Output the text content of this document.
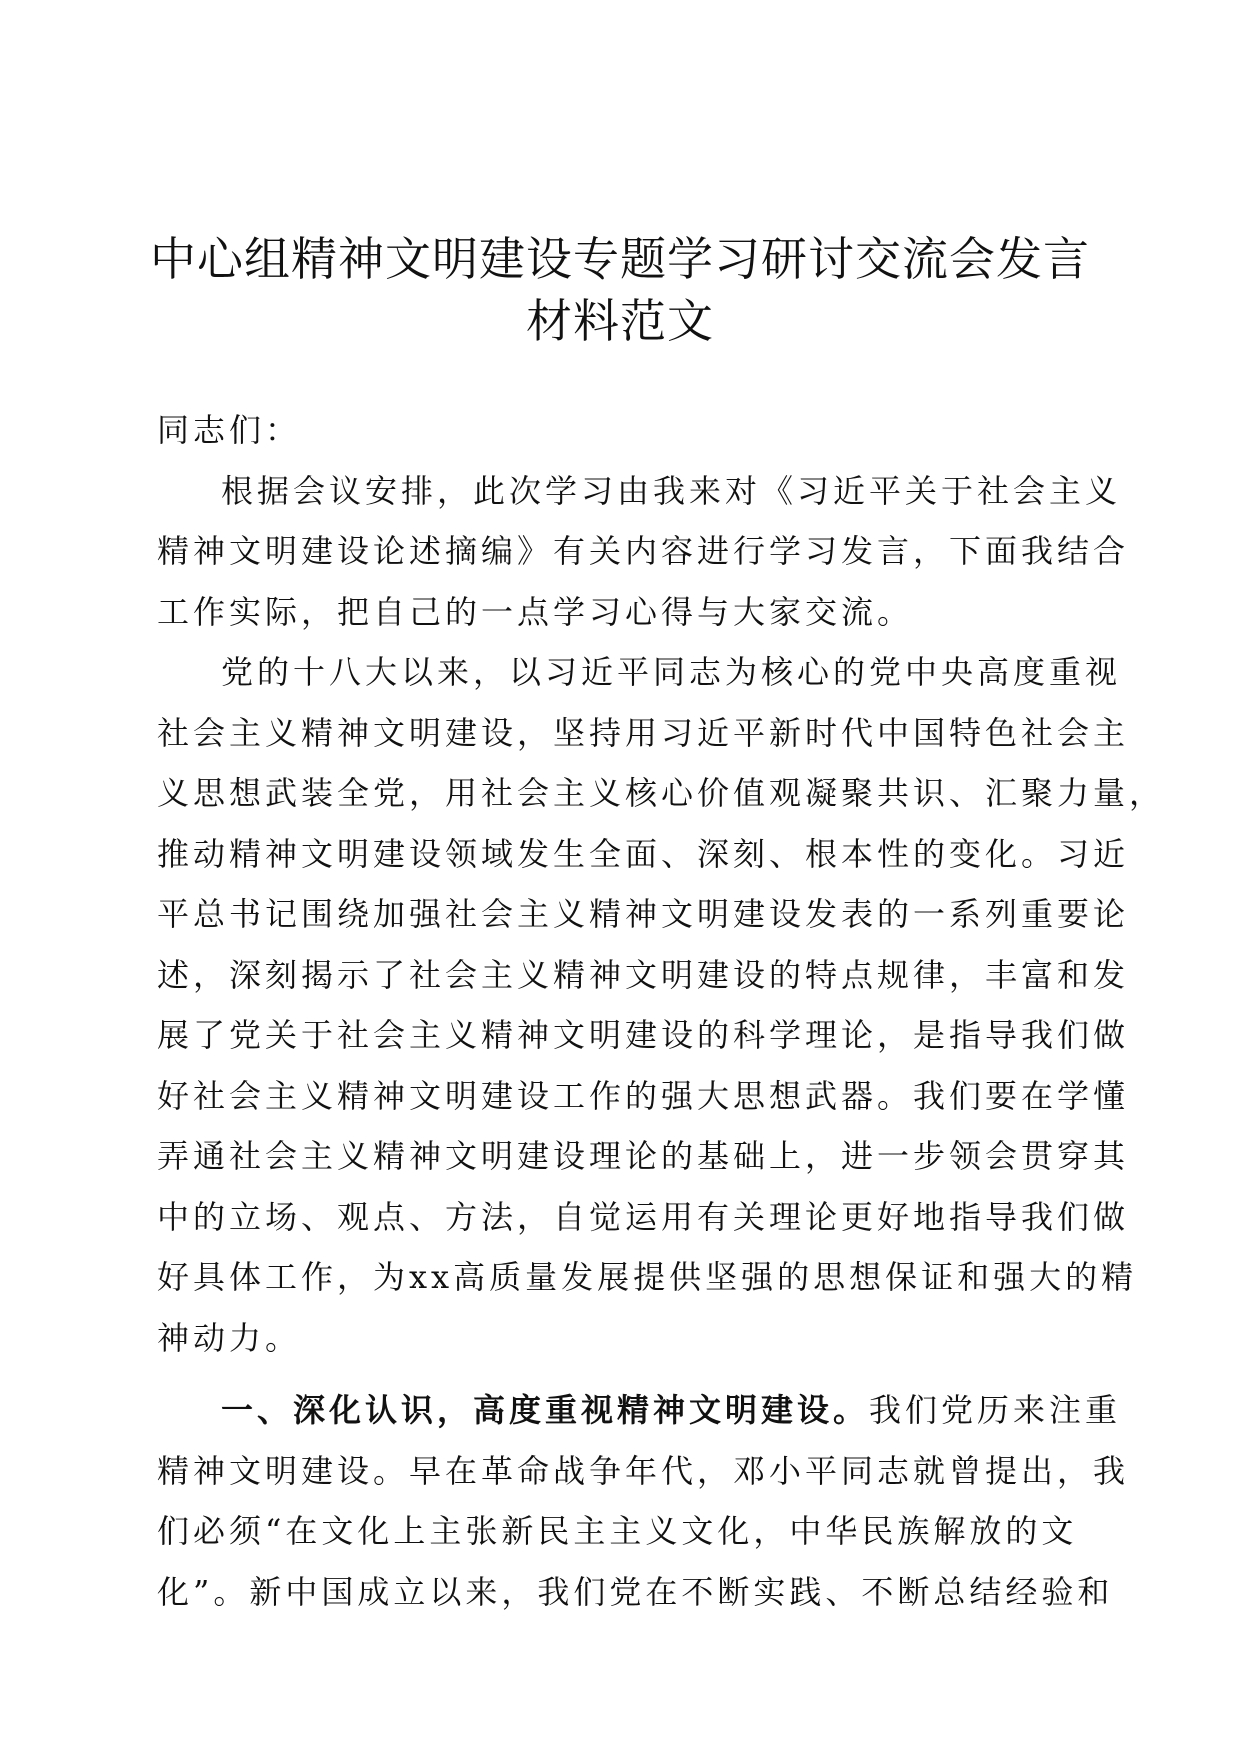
中心组精神文明建设专题学习研讨交流会发言
材料范文
同志们：
根据会议安排，此次学习由我来对《习近平关于社会主义
精神文明建设论述摘编》有关内容进行学习发言，下面我结合
工作实际，把自己的一点学习心得与大家交流。
党的十八大以来，以习近平同志为核心的党中央高度重视
社会主义精神文明建设，坚持用习近平新时代中国特色社会主
义思想武装全党，用社会主义核心价值观凝聚共识、汇聚力量，
推动精神文明建设领域发生全面、深刻、根本性的变化。习近
平总书记围绕加强社会主义精神文明建设发表的一系列重要论
述，深刻揭示了社会主义精神文明建设的特点规律，丰富和发
展了党关于社会主义精神文明建设的科学理论，是指导我们做
好社会主义精神文明建设工作的强大思想武器。我们要在学懂
弄通社会主义精神文明建设理论的基础上，进一步领会贯穿其
中的立场、观点、方法，自觉运用有关理论更好地指导我们做
好具体工作，为xx高质量发展提供坚强的思想保证和强大的精
神动力。
一、深化认识，高度重视精神文明建设。我们党历来注重
精神文明建设。早在革命战争年代，邓小平同志就曾提出，我
们必须“在文化上主张新民主主义文化，中华民族解放的文
化”。新中国成立以来，我们党在不断实践、不断总结经验和
